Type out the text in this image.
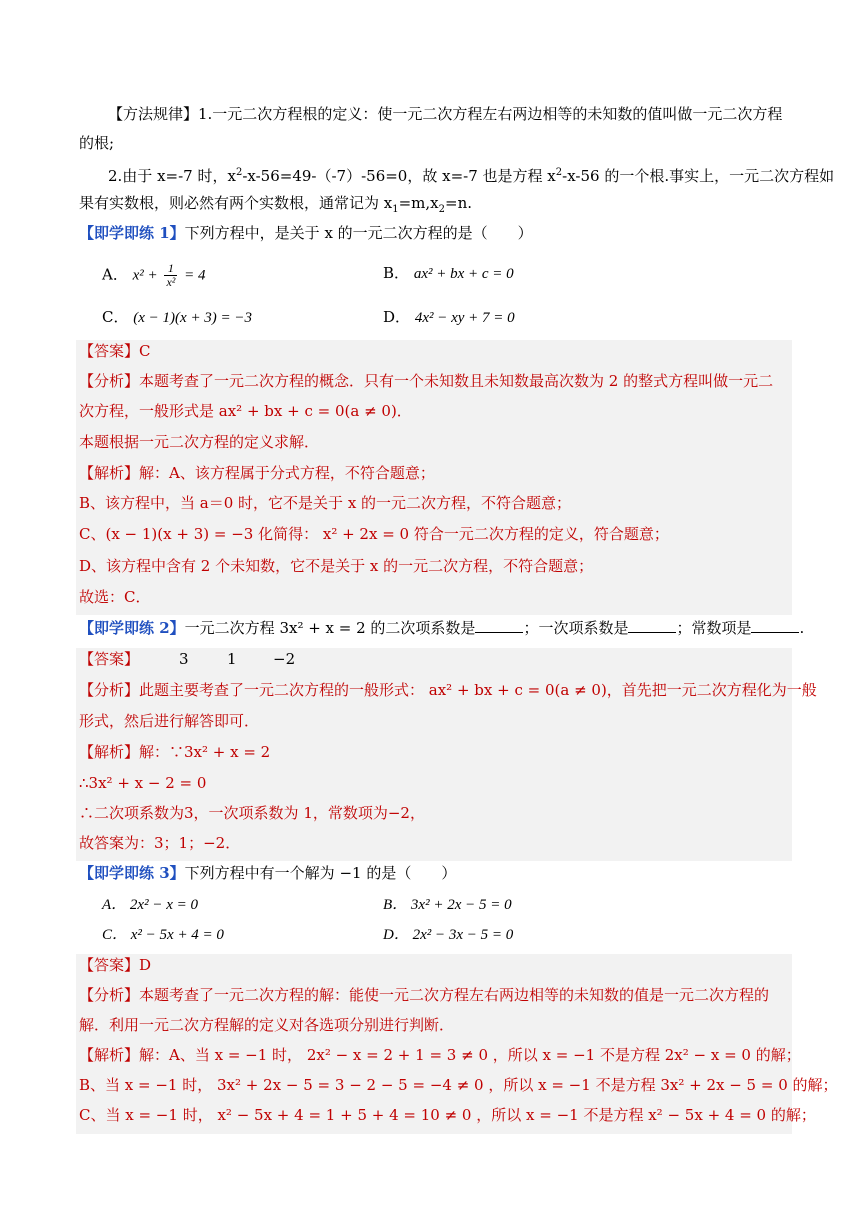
【方法规律】1.一元二次方程根的定义：使一元二次方程左右两边相等的未知数的值叫做一元二次方程
的根;
2.由于 x=-7 时，$x^2-x-56=49-(-7)-56=0$，故 x=-7 也是方程 $x^2-x-56$ 的一个根.事实上，一元二次方程如
果有实数根，则必然有两个实数根，通常记为 $x_1=m,x_2=n$.
【即学即练 1】下列方程中，是关于 x 的一元二次方程的是（　　）
A． $x^2 + \frac{1}{\text{x²}} = 4$	B． ax² + bx + c = 0
C． (x − 1)(x + 3) = −3	D． 4x² − xy + 7 = 0
【答案】C
【分析】本题考查了一元二次方程的概念．只有一个未知数且未知数最高次数为 2 的整式方程叫做一元二
次方程，一般形式是 ax² + bx + c = 0(a ≠ 0)．
本题根据一元二次方程的定义求解．
【解析】解：A、该方程属于分式方程，不符合题意；
B、该方程中，当 a＝0 时，它不是关于 x 的一元二次方程，不符合题意；
C、(x − 1)(x + 3) = −3 化简得： x² + 2x = 0 符合一元二次方程的定义，符合题意；
D、该方程中含有 2 个未知数，它不是关于 x 的一元二次方程，不符合题意；
故选：C．
【即学即练 2】一元二次方程 3x² + x = 2 的二次项系数是	；一次项系数是	；常数项是	.
【答案】	3	1 −2
【分析】此题主要考查了一元二次方程的一般形式： ax² + bx + c = 0(a ≠ 0)，首先把一元二次方程化为一般
形式，然后进行解答即可．
【解析】解：∵3x² + x = 2
∴3x² + x − 2 = 0
∴二次项系数为3，一次项系数为 1，常数项为−2，
故答案为：3；1；−2．
【即学即练 3】下列方程中有一个解为 −1 的是（　　）
A． 2x² − x = 0	B． 3x² + 2x − 5 = 0
C． x² − 5x + 4 = 0	D． 2x² − 3x − 5 = 0
【答案】D
【分析】本题考查了一元二次方程的解：能使一元二次方程左右两边相等的未知数的值是一元二次方程的
解．利用一元二次方程解的定义对各选项分别进行判断．
【解析】解：A、当 x = −1 时， 2x² − x = 2 + 1 = 3 ≠ 0 ，所以 x = −1 不是方程 2x² − x = 0 的解；
B、当 x = −1 时， 3x² + 2x − 5 = 3 − 2 − 5 = −4 ≠ 0 ，所以 x = −1 不是方程 3x² + 2x − 5 = 0 的解；
C、当 x = −1 时， x² − 5x + 4 = 1 + 5 + 4 = 10 ≠ 0 ，所以 x = −1 不是方程 x² − 5x + 4 = 0 的解；
